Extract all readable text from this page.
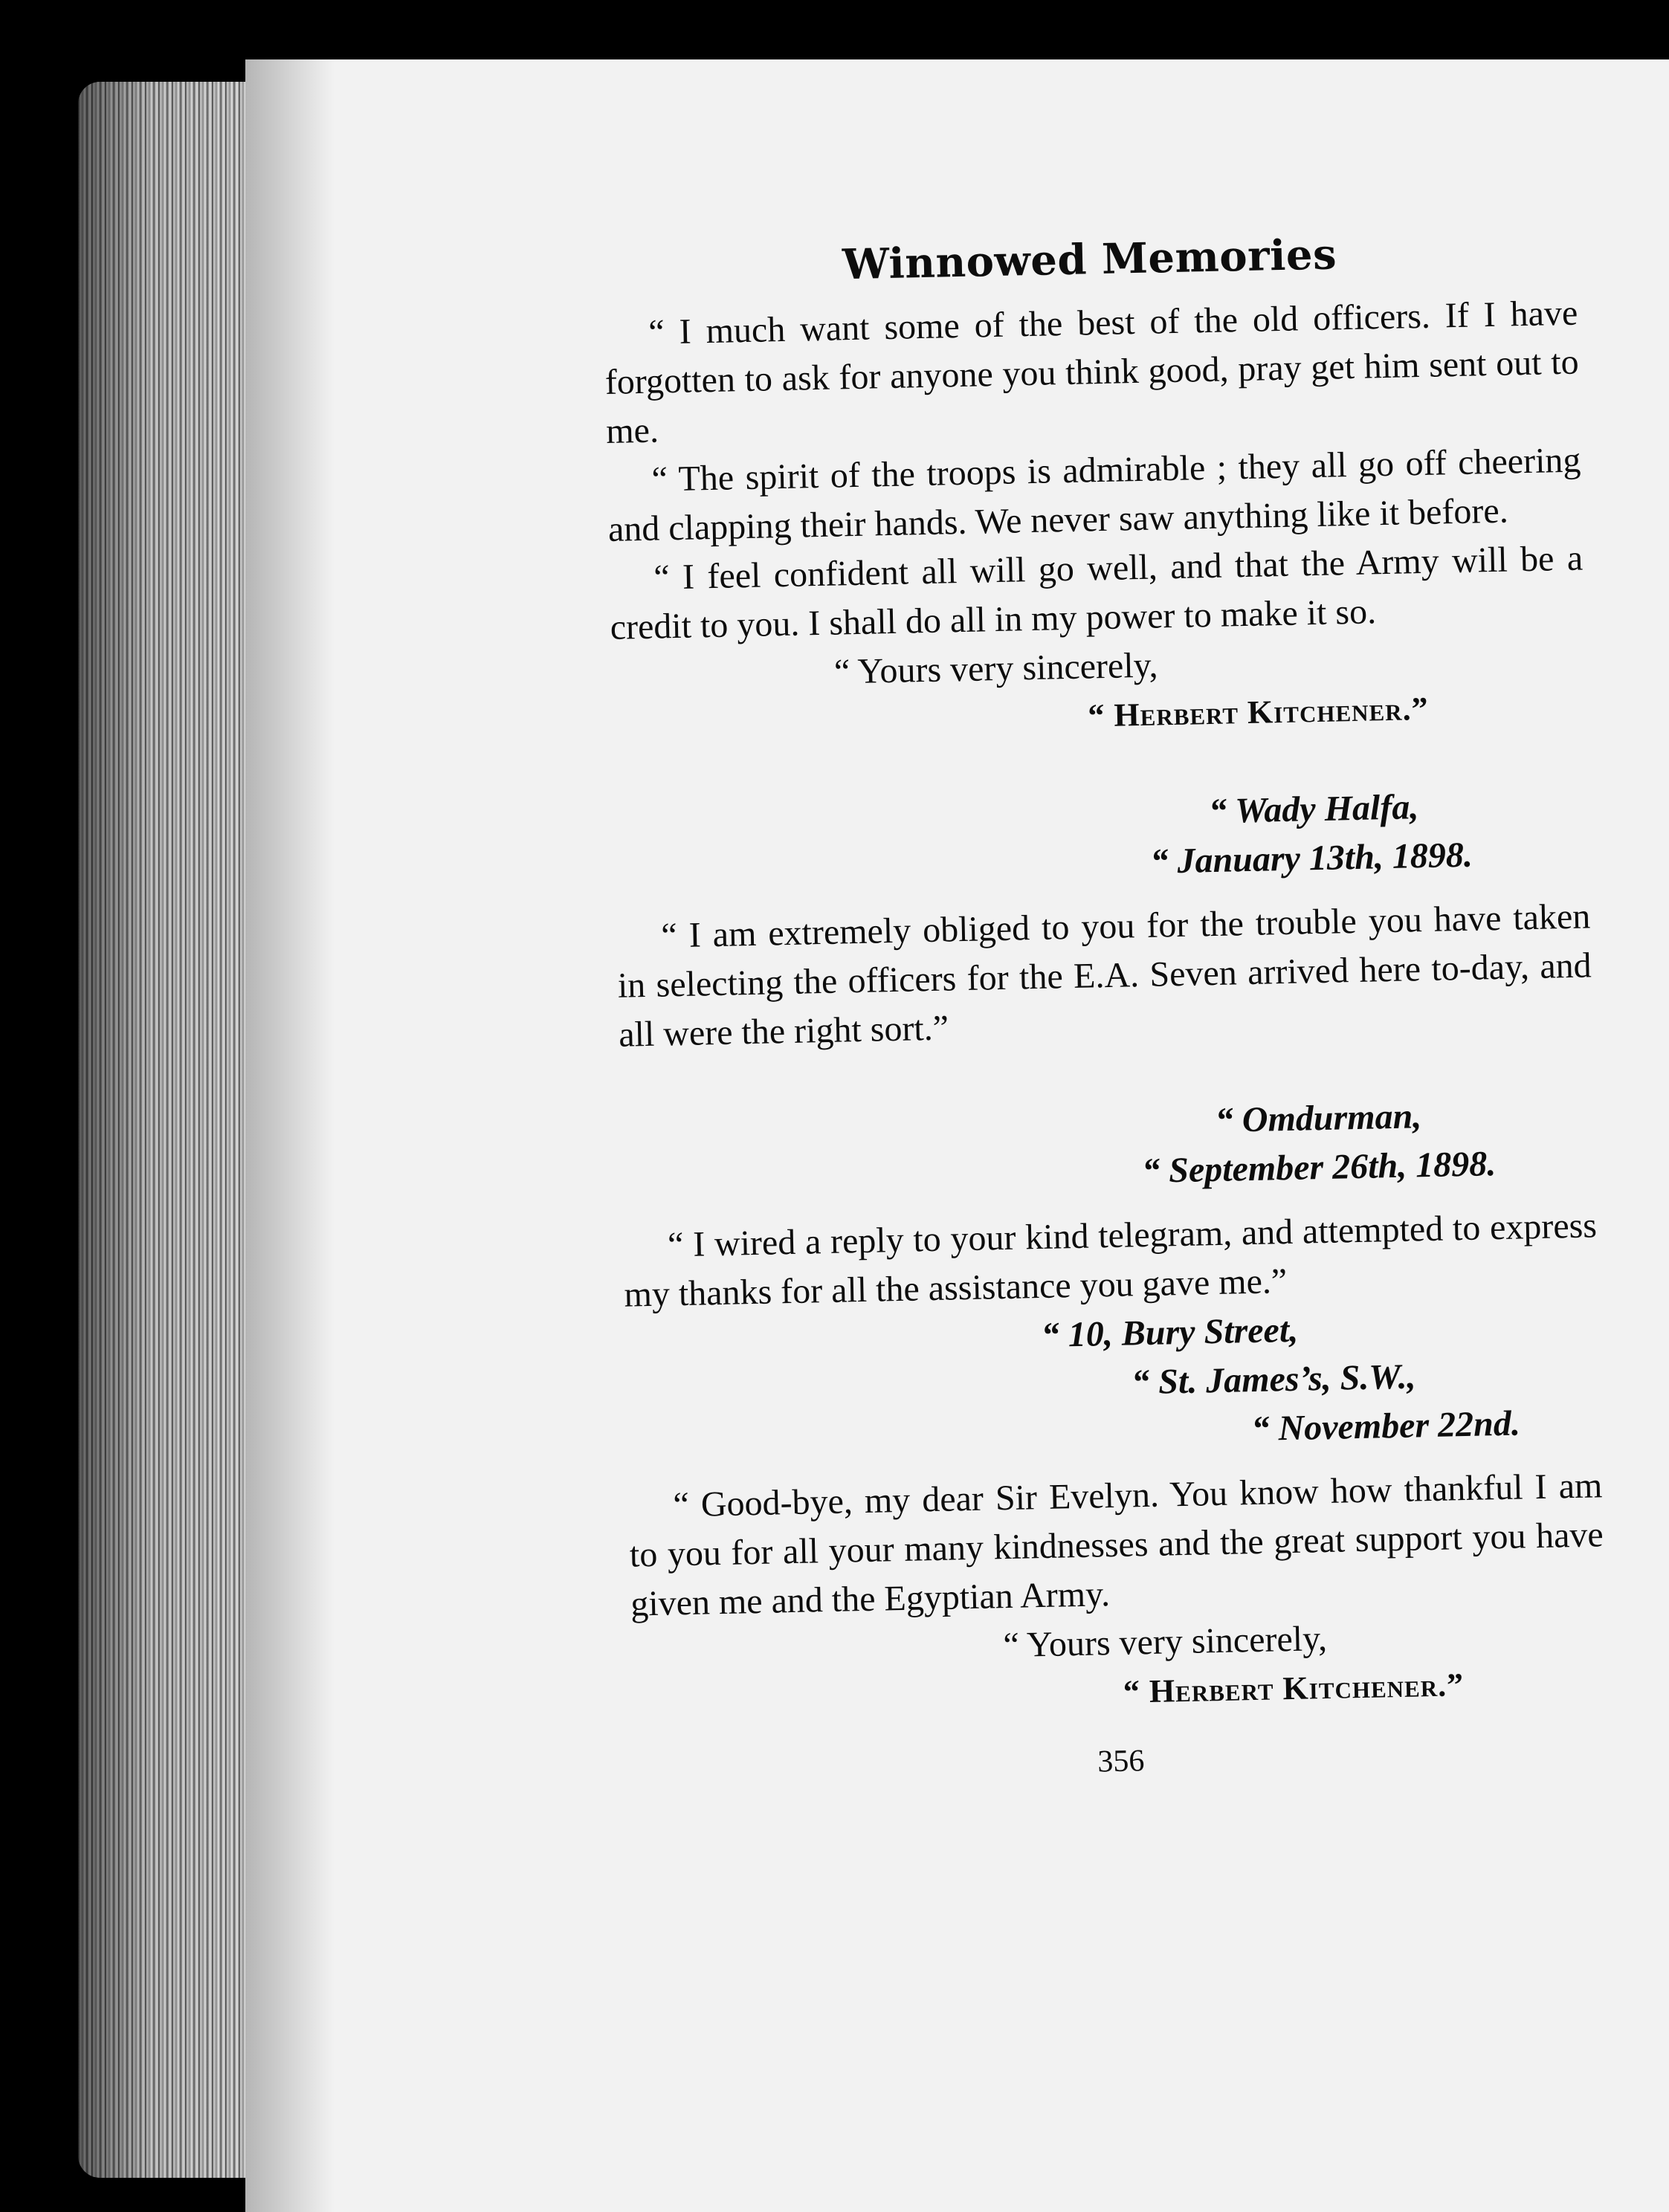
Winnowed Memories

“ I much want some of the best of the old officers. If I have forgotten to ask for anyone you think good, pray get him sent out to me.

“ The spirit of the troops is admirable ; they all go off cheering and clapping their hands. We never saw anything like it before.

“ I feel confident all will go well, and that the Army will be a credit to you. I shall do all in my power to make it so.

“ Yours very sincerely,

“ Herbert Kitchener.”

“ Wady Halfa,

“ January 13th, 1898.

“ I am extremely obliged to you for the trouble you have taken in selecting the officers for the E.A. Seven arrived here to-day, and all were the right sort.”

“ Omdurman,

“ September 26th, 1898.

“ I wired a reply to your kind telegram, and attempted to express my thanks for all the assistance you gave me.”

“ 10, Bury Street,

“ St. James’s, S.W.,

“ November 22nd.

“ Good-bye, my dear Sir Evelyn. You know how thankful I am to you for all your many kindnesses and the great support you have given me and the Egyptian Army.

“ Yours very sincerely,

“ Herbert Kitchener.”

356
